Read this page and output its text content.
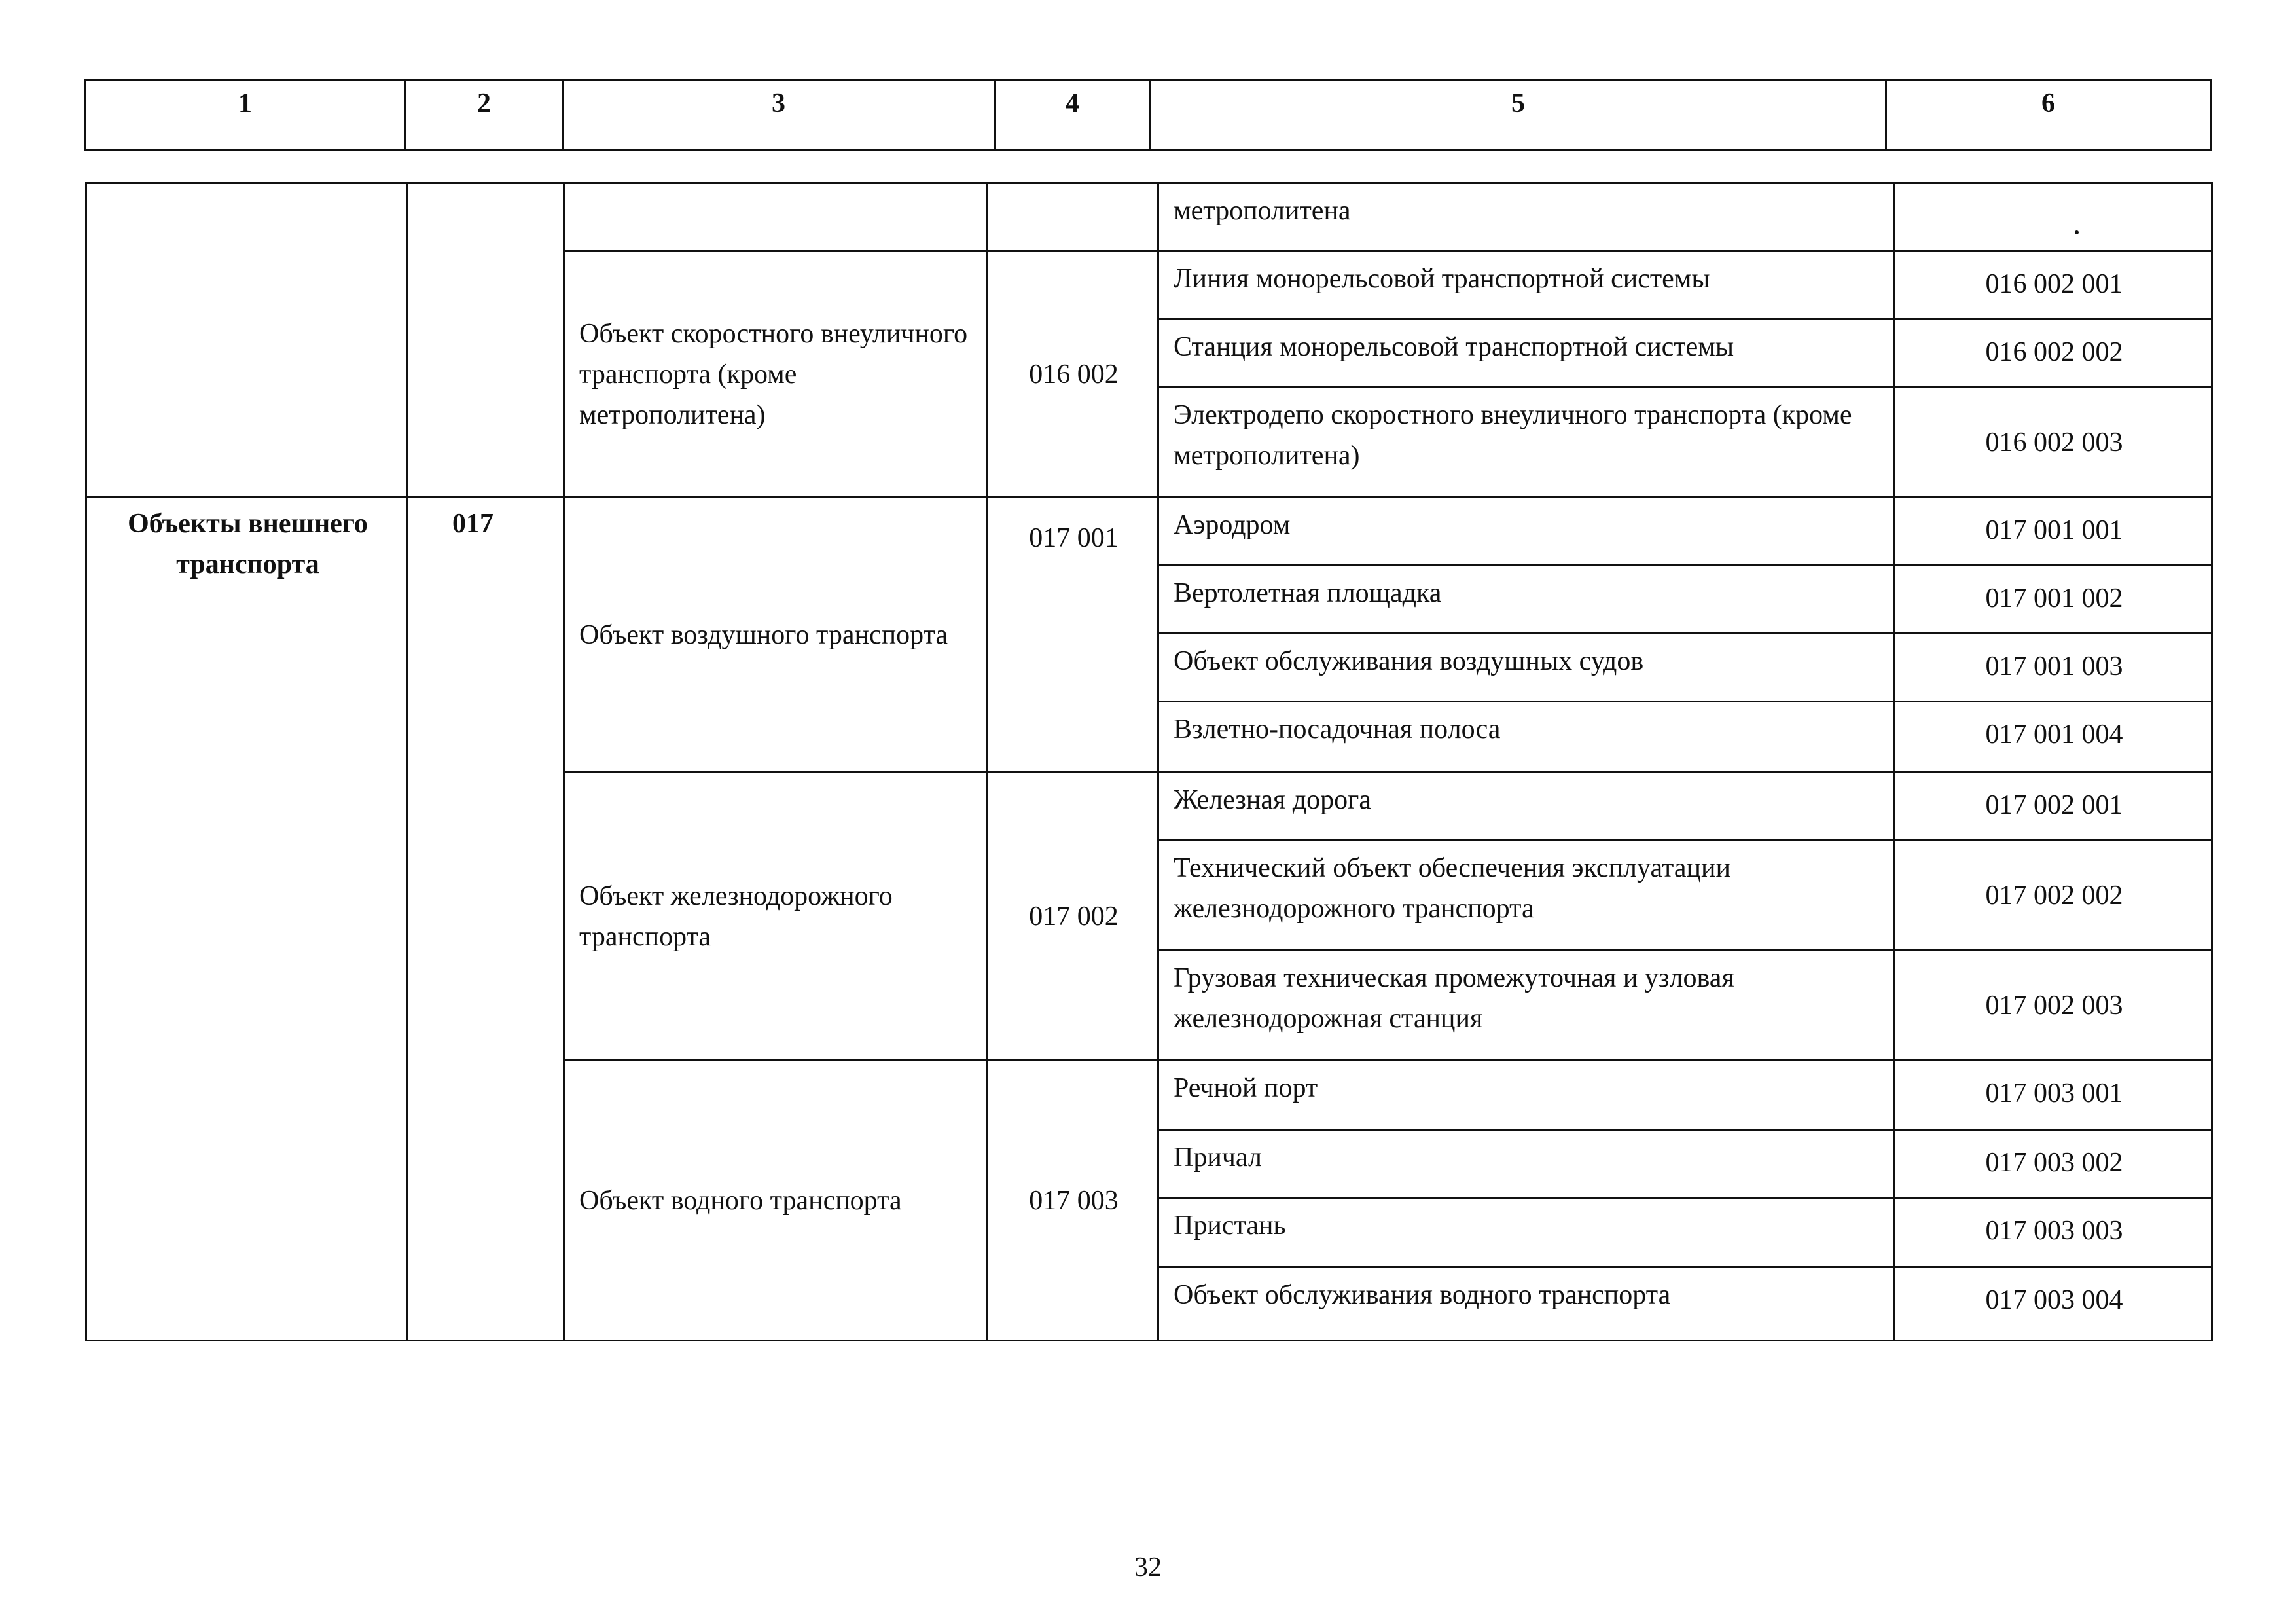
1	2	3	4	5	6
				метрополитена	
		Объект скоростного внеуличного транспорта (кроме метрополитена)	016 002	Линия монорельсовой транспортной системы	016 002 001
				Станция монорельсовой транспортной системы	016 002 002
				Электродепо скоростного внеуличного транспорта (кроме метрополитена)	016 002 003
Объекты внешнего транспорта	017	Объект воздушного транспорта	017 001	Аэродром	017 001 001
				Вертолетная площадка	017 001 002
				Объект обслуживания воздушных судов	017 001 003
				Взлетно-посадочная полоса	017 001 004
		Объект железнодорожного транспорта	017 002	Железная дорога	017 002 001
				Технический объект обеспечения эксплуатации железнодорожного транспорта	017 002 002
				Грузовая техническая промежуточная и узловая железнодорожная станция	017 002 003
		Объект водного транспорта	017 003	Речной порт	017 003 001
				Причал	017 003 002
				Пристань	017 003 003
				Объект обслуживания водного транспорта	017 003 004
32
